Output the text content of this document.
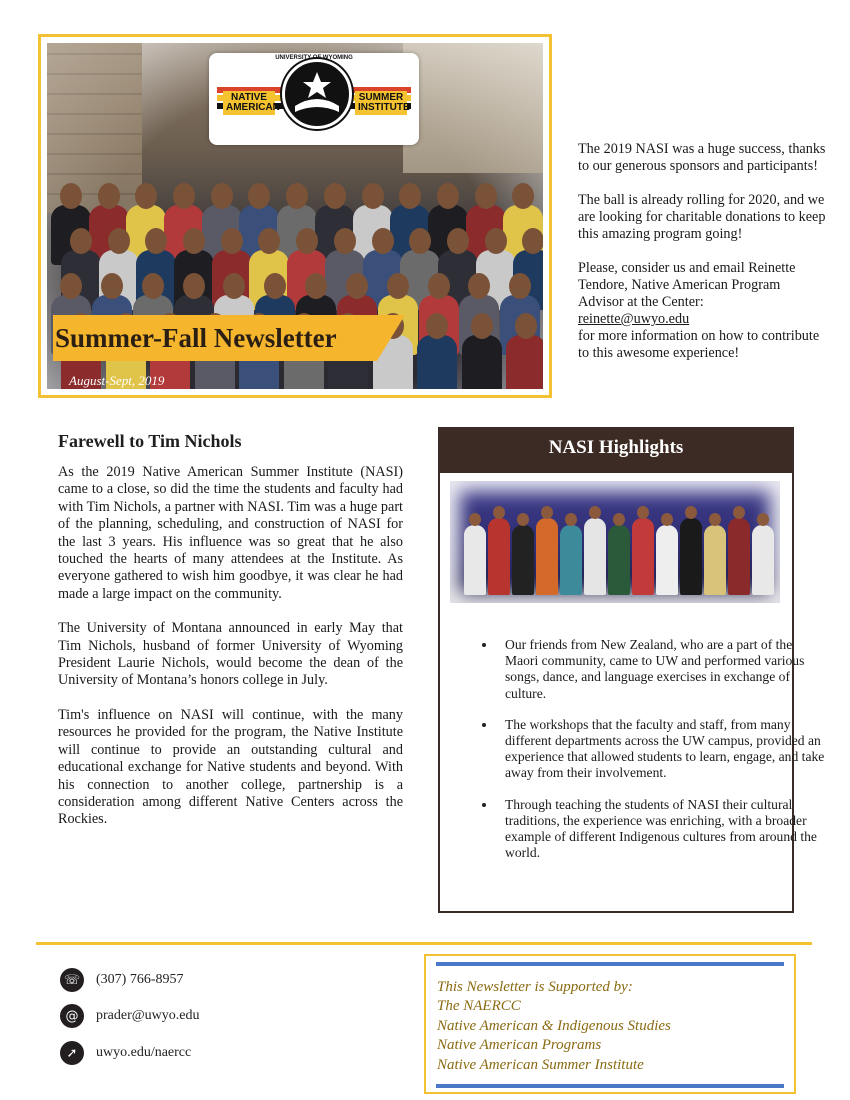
UNIVERSITY OF WYOMING
NATIVE AMERICAN
SUMMER INSTITUTE
Summer-Fall Newsletter
August-Sept, 2019

The 2019 NASI was a huge success, thanks to our generous sponsors and participants!

The ball is already rolling for 2020, and we are looking for charitable donations to keep this amazing program going!

Please, consider us and email Reinette Tendore, Native American Program Advisor at the Center:
reinette@uwyo.edu
for more information on how to contribute to this awesome experience!

Farewell to Tim Nichols

As the 2019 Native American Summer Institute (NASI) came to a close, so did the time the students and faculty had with Tim Nichols, a partner with NASI. Tim was a huge part of the planning, scheduling, and construction of NASI for the last 3 years. His influence was so great that he also touched the hearts of many attendees at the Institute. As everyone gathered to wish him goodbye, it was clear he had made a large impact on the community.

The University of Montana announced in early May that Tim Nichols, husband of former University of Wyoming President Laurie Nichols, would become the dean of the University of Montana’s honors college in July.

Tim's influence on NASI will continue, with the many resources he provided for the program, the Native Institute will continue to provide an outstanding cultural and educational exchange for Native students and beyond. With his connection to another college, partnership is a consideration among different Native Centers across the Rockies.

NASI Highlights
Our friends from New Zealand, who are a part of the Maori community, came to UW and performed various songs, dance, and language exercises in exchange of culture.
The workshops that the faculty and staff, from many different departments across the UW campus, provided an experience that allowed students to learn, engage, and take away from their involvement.
Through teaching the students of NASI their cultural traditions, the experience was enriching, with a broader example of different Indigenous cultures from around the world.
☏ (307) 766-8957
@	prader@uwyo.edu
➚	uwyo.edu/naercc
This Newsletter is Supported by:
The NAERCC
Native American & Indigenous Studies
Native American Programs
Native American Summer Institute
